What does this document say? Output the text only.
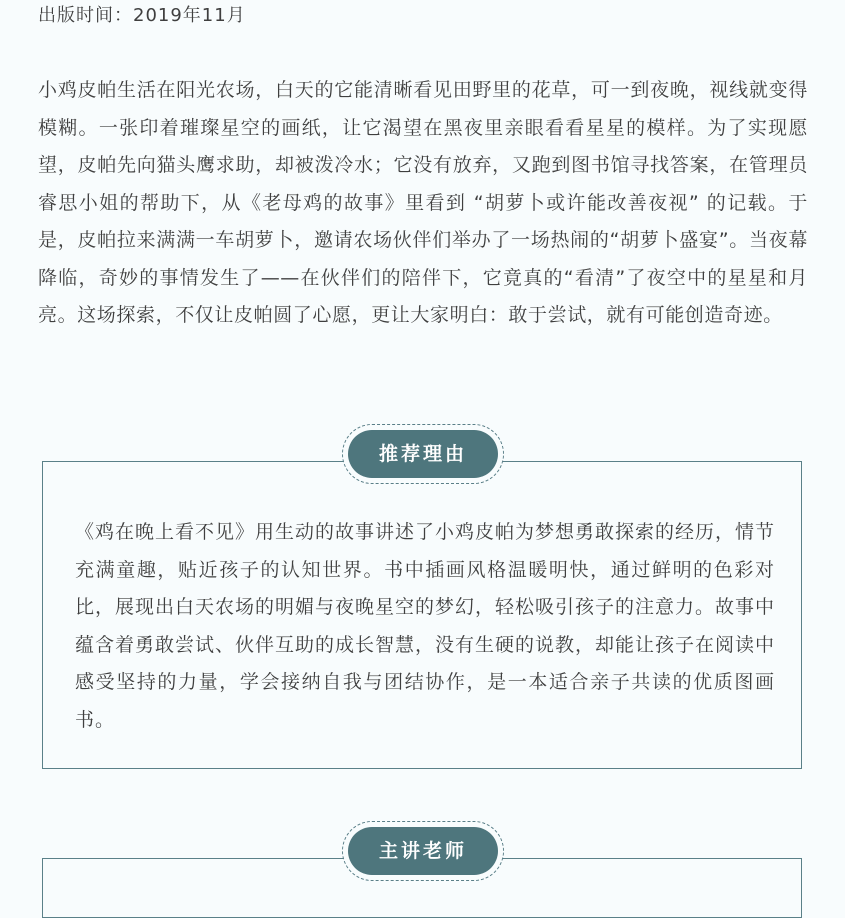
出版时间：2019年11月

小鸡皮帕生活在阳光农场，白天的它能清晰看见田野里的花草，可一到夜晚，视线就变得模糊。一张印着璀璨星空的画纸，让它渴望在黑夜里亲眼看看星星的模样。为了实现愿望，皮帕先向猫头鹰求助，却被泼冷水；它没有放弃，又跑到图书馆寻找答案，在管理员睿思小姐的帮助下，从《老母鸡的故事》里看到 “胡萝卜或许能改善夜视” 的记载。于是，皮帕拉来满满一车胡萝卜，邀请农场伙伴们举办了一场热闹的“胡萝卜盛宴”。当夜幕降临，奇妙的事情发生了——在伙伴们的陪伴下，它竟真的“看清”了夜空中的星星和月亮。这场探索，不仅让皮帕圆了心愿，更让大家明白：敢于尝试，就有可能创造奇迹。

《鸡在晚上看不见》用生动的故事讲述了小鸡皮帕为梦想勇敢探索的经历，情节充满童趣，贴近孩子的认知世界。书中插画风格温暖明快，通过鲜明的色彩对比，展现出白天农场的明媚与夜晚星空的梦幻，轻松吸引孩子的注意力。故事中蕴含着勇敢尝试、伙伴互助的成长智慧，没有生硬的说教，却能让孩子在阅读中感受坚持的力量，学会接纳自我与团结协作，是一本适合亲子共读的优质图画书。

推荐理由
主讲老师
